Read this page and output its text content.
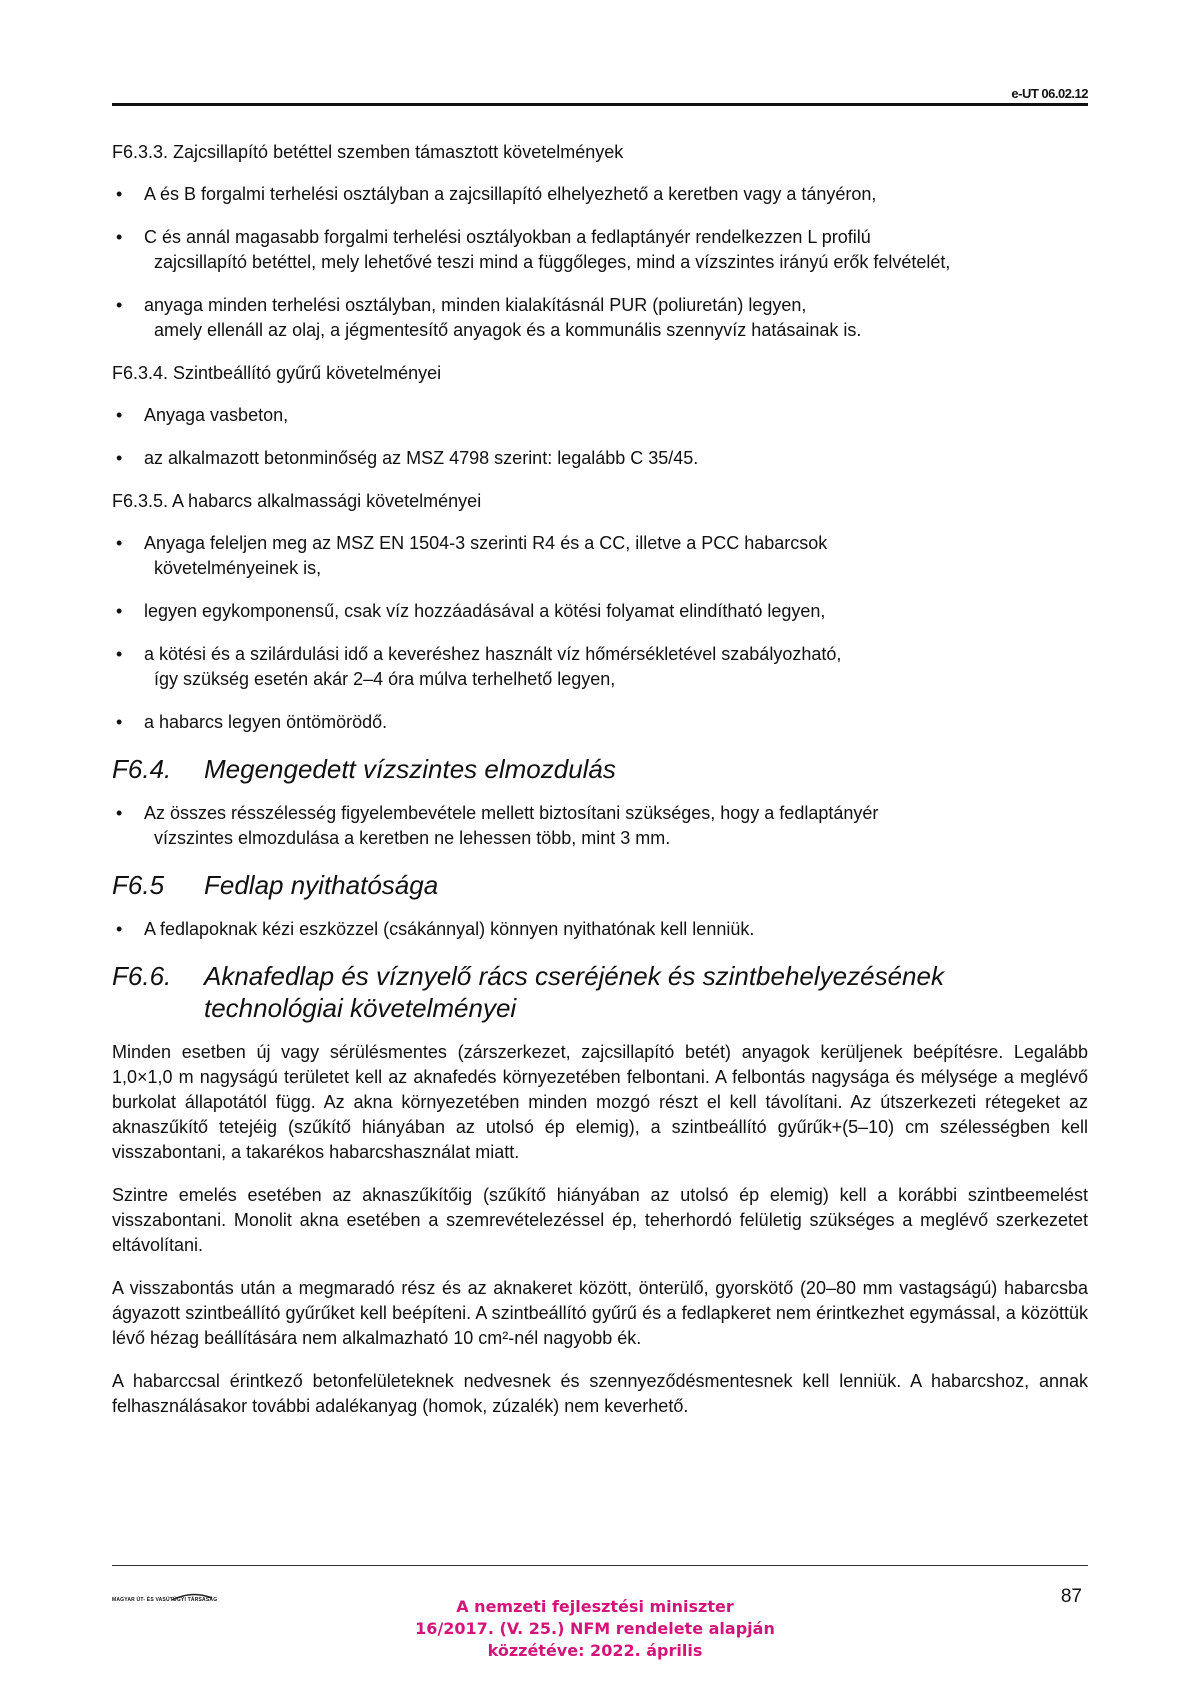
e-UT 06.02.12
F6.3.3. Zajcsillapító betéttel szemben támasztott követelmények
• A és B forgalmi terhelési osztályban a zajcsillapító elhelyezhető a keretben vagy a tányéron,
• C és annál magasabb forgalmi terhelési osztályokban a fedlaptányér rendelkezzen L profilú
zajcsillapító betéttel, mely lehetővé teszi mind a függőleges, mind a vízszintes irányú erők felvételét,
• anyaga minden terhelési osztályban, minden kialakításnál PUR (poliuretán) legyen,
amely ellenáll az olaj, a jégmentesítő anyagok és a kommunális szennyvíz hatásainak is.
F6.3.4. Szintbeállító gyűrű követelményei
• Anyaga vasbeton,
• az alkalmazott betonminőség az MSZ 4798 szerint: legalább C 35/45.
F6.3.5. A habarcs alkalmassági követelményei
• Anyaga feleljen meg az MSZ EN 1504-3 szerinti R4 és a CC, illetve a PCC habarcsok
követelményeinek is,
• legyen egykomponensű, csak víz hozzáadásával a kötési folyamat elindítható legyen,
• a kötési és a szilárdulási idő a keveréshez használt víz hőmérsékletével szabályozható,
így szükség esetén akár 2–4 óra múlva terhelhető legyen,
• a habarcs legyen öntömörödő.
F6.4.	Megengedett vízszintes elmozdulás
• Az összes résszélesség figyelembevétele mellett biztosítani szükséges, hogy a fedlaptányér
vízszintes elmozdulása a keretben ne lehessen több, mint 3 mm.
F6.5	Fedlap nyithatósága
• A fedlapoknak kézi eszközzel (csákánnyal) könnyen nyithatónak kell lenniük.
F6.6.	Aknafedlap és víznyelő rács cseréjének és szintbehelyezésének technológiai követelményei

Minden esetben új vagy sérülésmentes (zárszerkezet, zajcsillapító betét) anyagok kerüljenek beépítésre. Legalább 1,0×1,0 m nagyságú területet kell az aknafedés környezetében felbontani. A felbontás nagysága és mélysége a meglévő burkolat állapotától függ. Az akna környezetében minden mozgó részt el kell távolítani. Az útszerkezeti rétegeket az aknaszűkítő tetejéig (szűkítő hiányában az utolsó ép elemig), a szintbeállító gyűrűk+(5–10) cm szélességben kell visszabontani, a takarékos habarcshasználat miatt.

Szintre emelés esetében az aknaszűkítőig (szűkítő hiányában az utolsó ép elemig) kell a korábbi szintbeemelést visszabontani. Monolit akna esetében a szemrevételezéssel ép, teherhordó felületig szükséges a meglévő szerkezetet eltávolítani.

A visszabontás után a megmaradó rész és az aknakeret között, önterülő, gyorskötő (20–80 mm vastagságú) habarcsba ágyazott szintbeállító gyűrűket kell beépíteni. A szintbeállító gyűrű és a fedlapkeret nem érintkezhet egymással, a közöttük lévő hézag beállítására nem alkalmazható 10 cm²-nél nagyobb ék.

A habarccsal érintkező betonfelületeknek nedvesnek és szennyeződésmentesnek kell lenniük. A habarcshoz, annak felhasználásakor további adalékanyag (homok, zúzalék) nem keverhető.

MAGYAR ÚT- ÉS VASÚTÜGYI TÁRSASÁG	87
A nemzeti fejlesztési miniszter
16/2017. (V. 25.) NFM rendelete alapján
közzétéve: 2022. április
